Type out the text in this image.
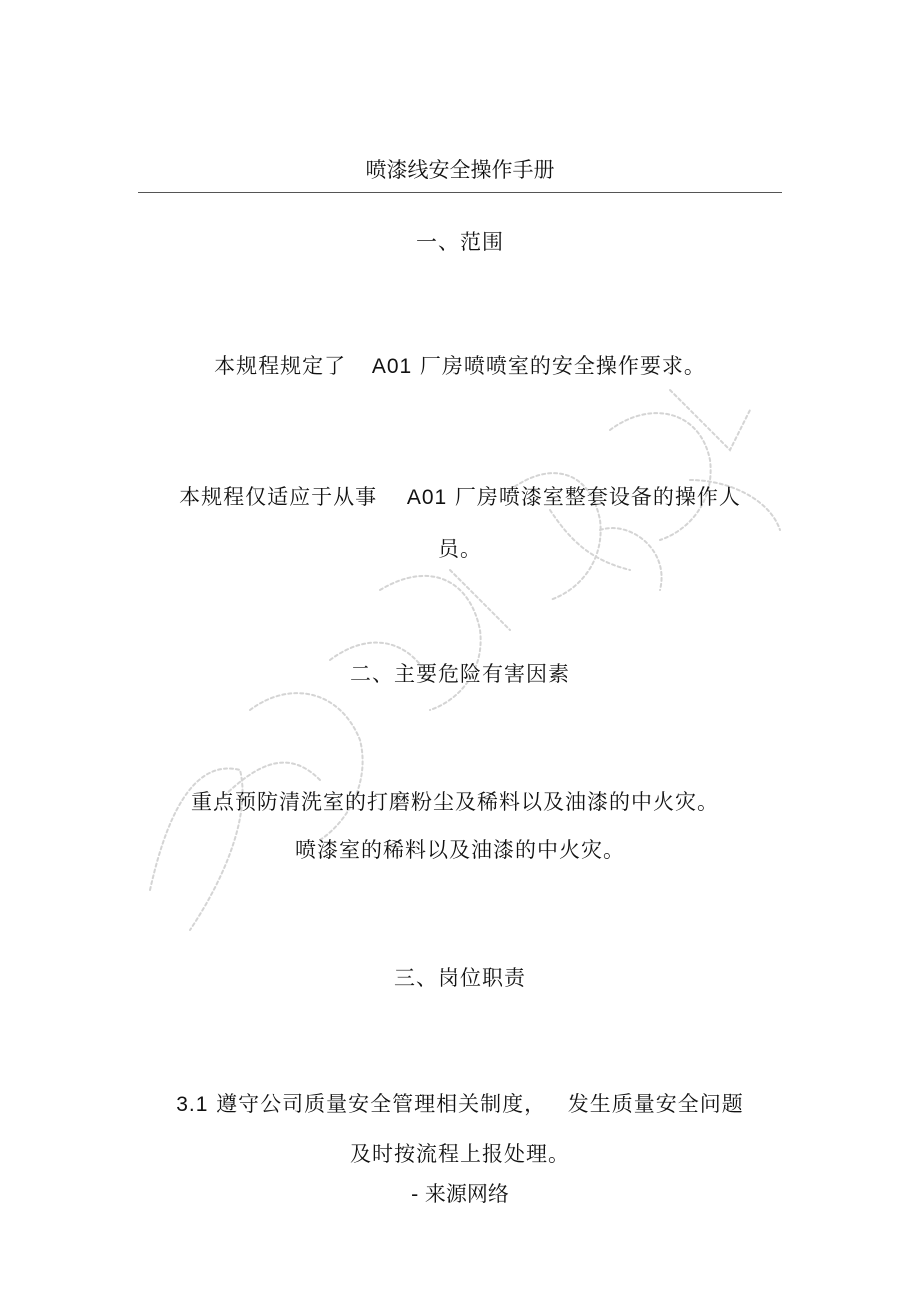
喷漆线安全操作手册
一、范围
本规程规定了 A01 厂房喷喷室的安全操作要求。
本规程仅适应于从事 A01 厂房喷漆室整套设备的操作人
员。
二、主要危险有害因素
重点预防清洗室的打磨粉尘及稀料以及油漆的中火灾。
喷漆室的稀料以及油漆的中火灾。
三、岗位职责
3.1 遵守公司质量安全管理相关制度， 发生质量安全问题
及时按流程上报处理。
- 来源网络
